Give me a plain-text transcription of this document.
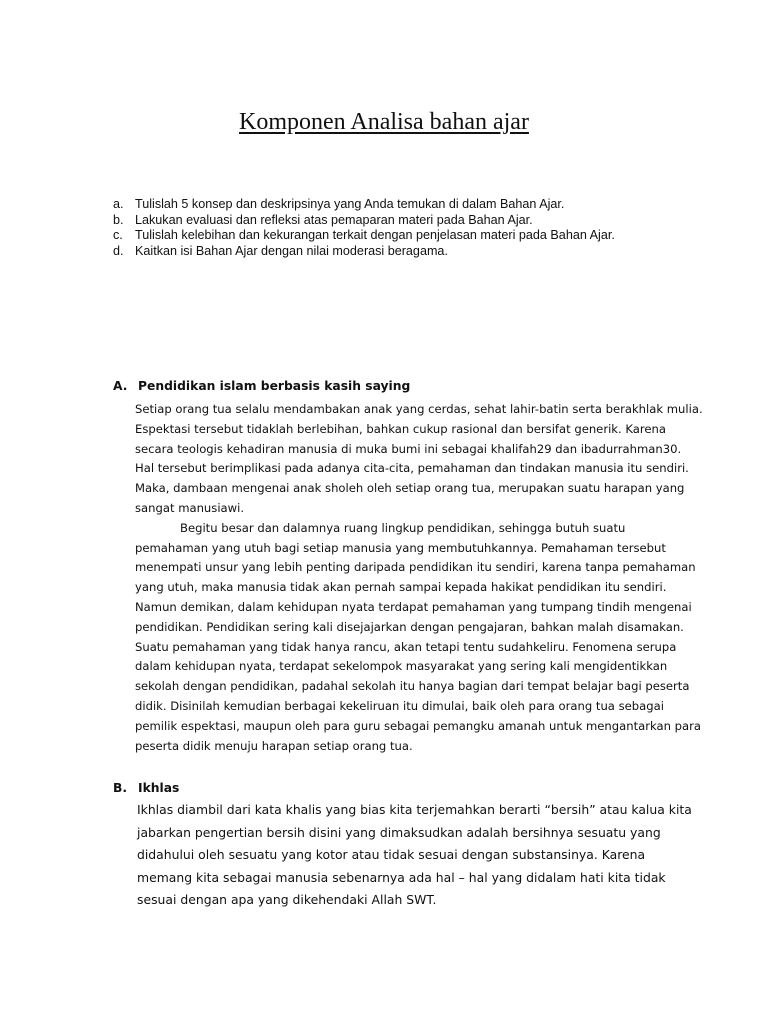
Komponen Analisa bahan ajar
a. Tulislah 5 konsep dan deskripsinya yang Anda temukan di dalam Bahan Ajar.
b. Lakukan evaluasi dan refleksi atas pemaparan materi pada Bahan Ajar.
c. Tulislah kelebihan dan kekurangan terkait dengan penjelasan materi pada Bahan Ajar.
d. Kaitkan isi Bahan Ajar dengan nilai moderasi beragama.
A. Pendidikan islam berbasis kasih saying
Setiap orang tua selalu mendambakan anak yang cerdas, sehat lahir-batin serta berakhlak mulia.
Espektasi tersebut tidaklah berlebihan, bahkan cukup rasional dan bersifat generik. Karena
secara teologis kehadiran manusia di muka bumi ini sebagai khalifah29 dan ibadurrahman30.
Hal tersebut berimplikasi pada adanya cita-cita, pemahaman dan tindakan manusia itu sendiri.
Maka, dambaan mengenai anak sholeh oleh setiap orang tua, merupakan suatu harapan yang
sangat manusiawi.
Begitu besar dan dalamnya ruang lingkup pendidikan, sehingga butuh suatu
pemahaman yang utuh bagi setiap manusia yang membutuhkannya. Pemahaman tersebut
menempati unsur yang lebih penting daripada pendidikan itu sendiri, karena tanpa pemahaman
yang utuh, maka manusia tidak akan pernah sampai kepada hakikat pendidikan itu sendiri.
Namun demikan, dalam kehidupan nyata terdapat pemahaman yang tumpang tindih mengenai
pendidikan. Pendidikan sering kali disejajarkan dengan pengajaran, bahkan malah disamakan.
Suatu pemahaman yang tidak hanya rancu, akan tetapi tentu sudahkeliru. Fenomena serupa
dalam kehidupan nyata, terdapat sekelompok masyarakat yang sering kali mengidentikkan
sekolah dengan pendidikan, padahal sekolah itu hanya bagian dari tempat belajar bagi peserta
didik. Disinilah kemudian berbagai kekeliruan itu dimulai, baik oleh para orang tua sebagai
pemilik espektasi, maupun oleh para guru sebagai pemangku amanah untuk mengantarkan para
peserta didik menuju harapan setiap orang tua.
B. Ikhlas
Ikhlas diambil dari kata khalis yang bias kita terjemahkan berarti “bersih” atau kalua kita
jabarkan pengertian bersih disini yang dimaksudkan adalah bersihnya sesuatu yang
didahului oleh sesuatu yang kotor atau tidak sesuai dengan substansinya. Karena
memang kita sebagai manusia sebenarnya ada hal – hal yang didalam hati kita tidak
sesuai dengan apa yang dikehendaki Allah SWT.
